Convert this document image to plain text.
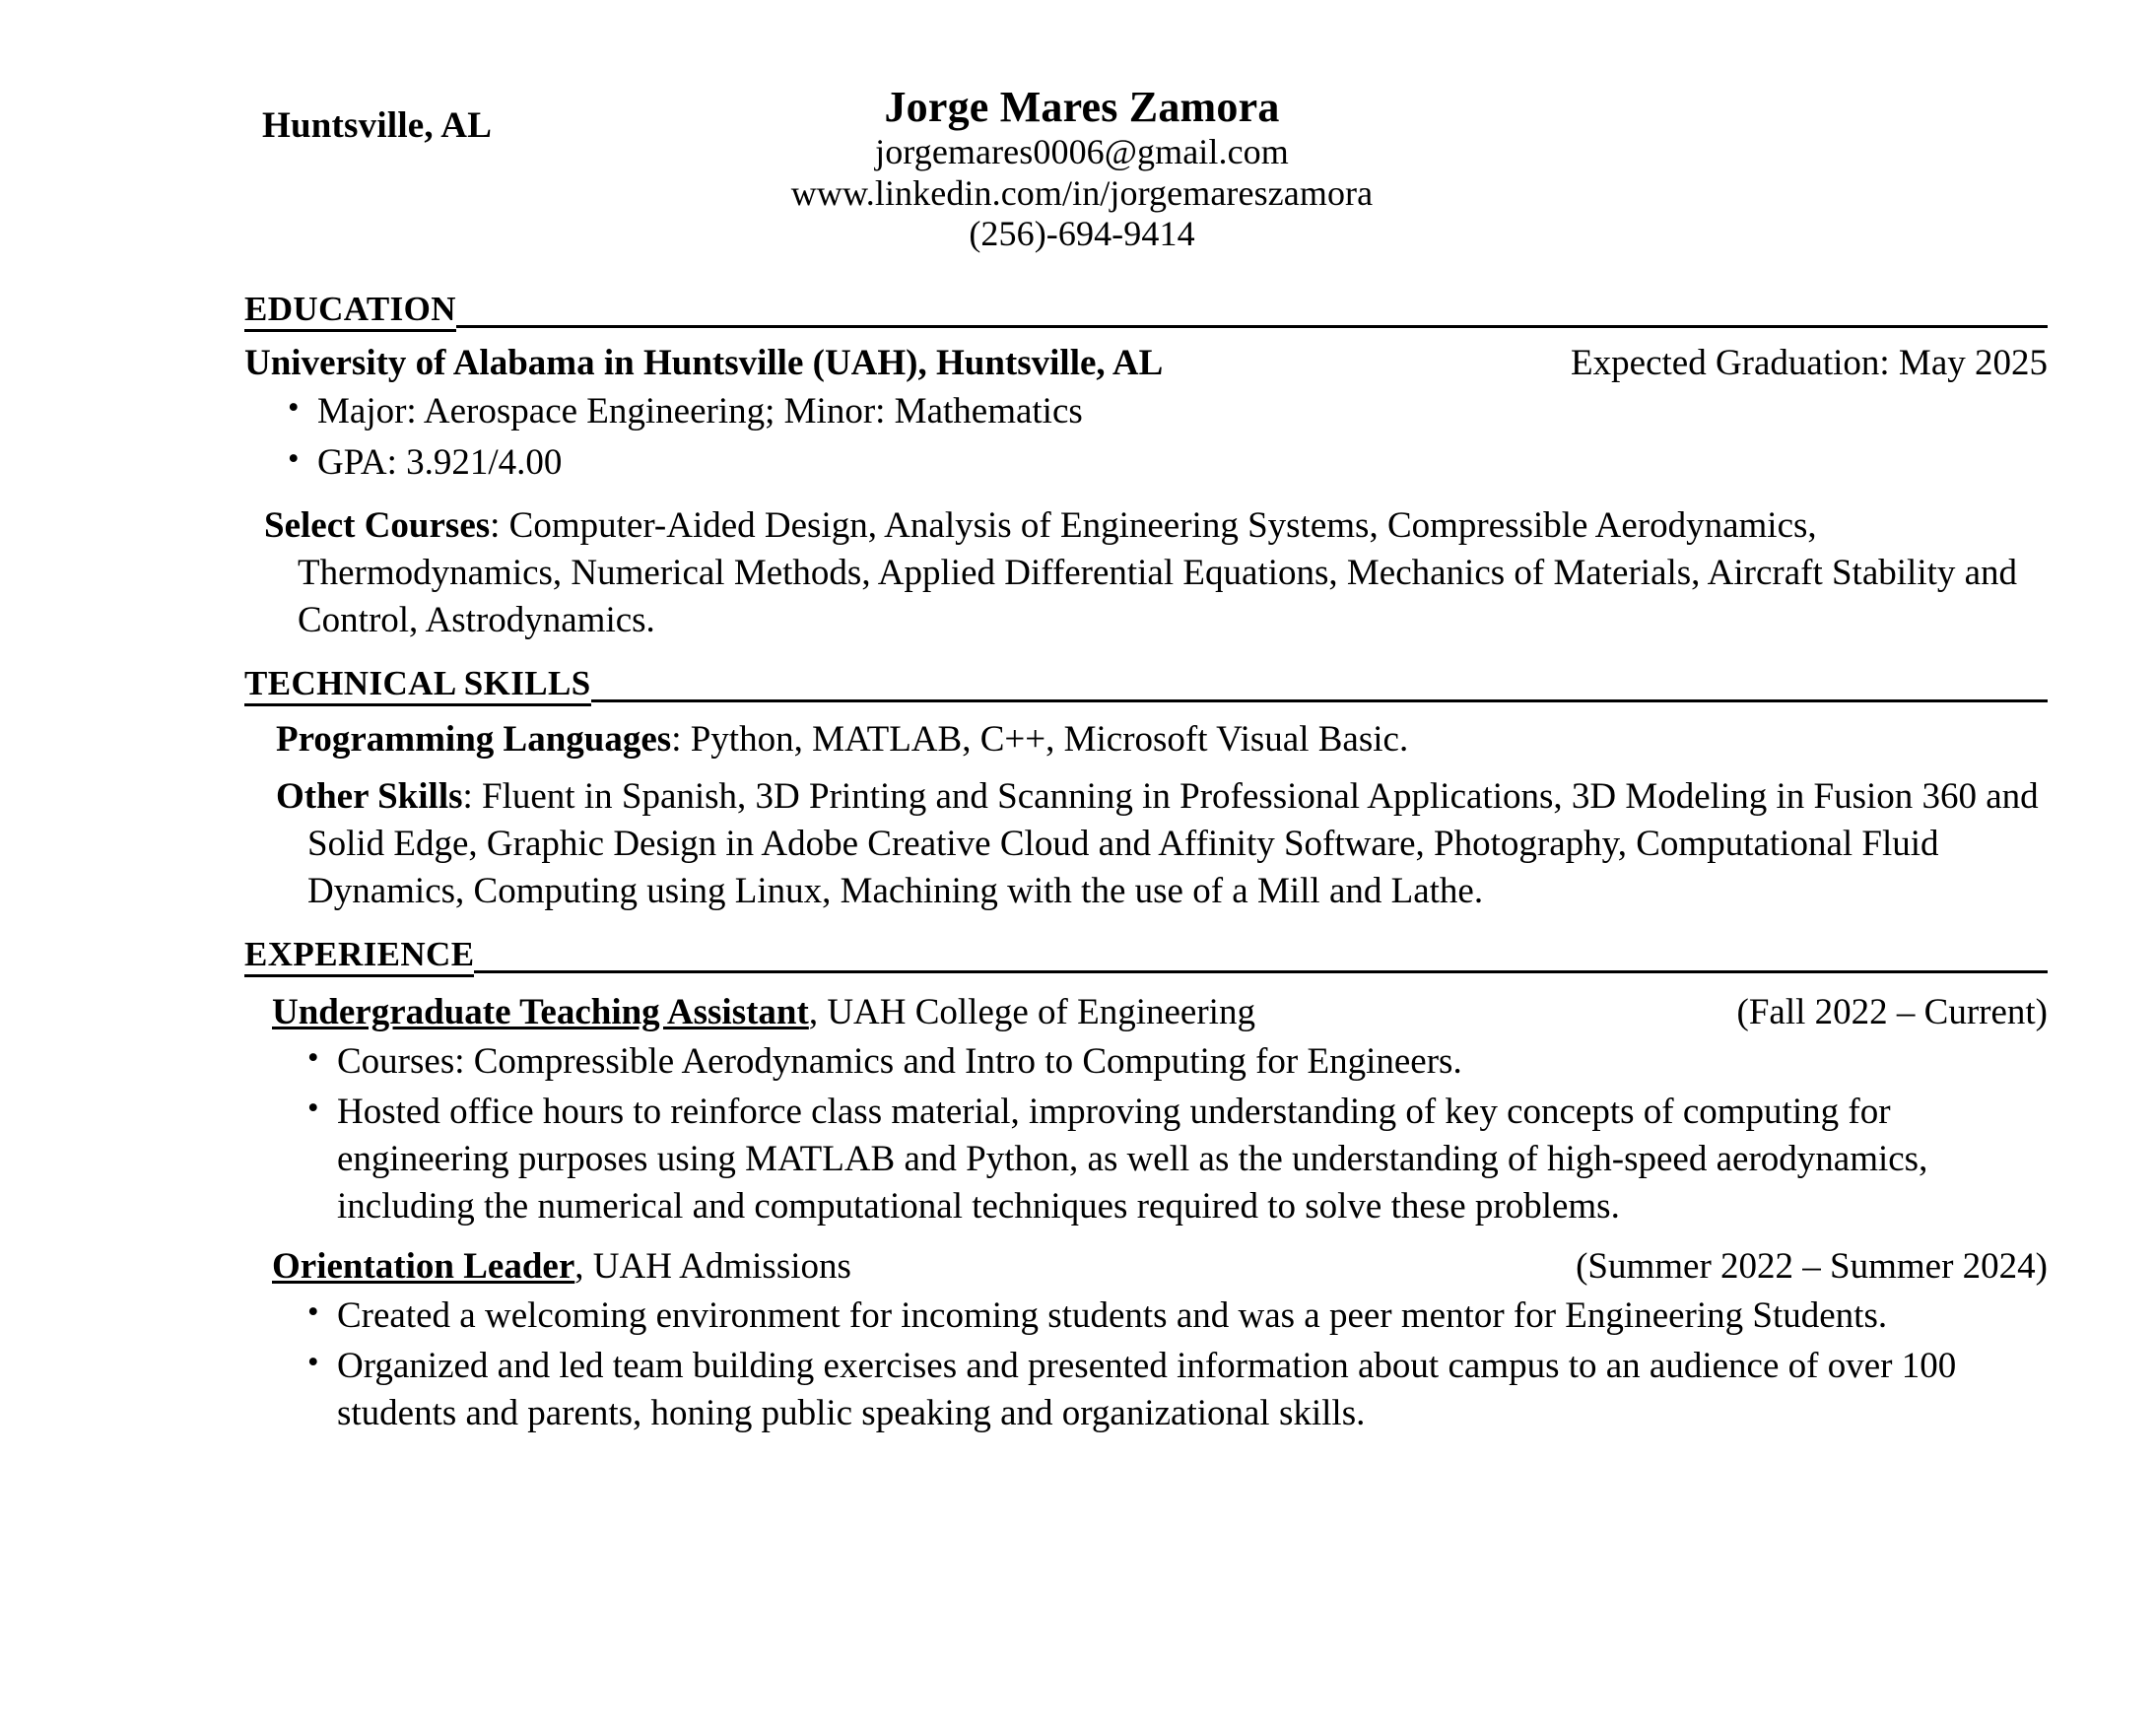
Huntsville, AL	Jorge Mares Zamora
jorgemares0006@gmail.com
www.linkedin.com/in/jorgemareszamora
(256)-694-9414
EDUCATION
University of Alabama in Huntsville (UAH), Huntsville, AL	Expected Graduation: May 2025
• Major: Aerospace Engineering; Minor: Mathematics
• GPA: 3.921/4.00
Select Courses: Computer-Aided Design, Analysis of Engineering Systems, Compressible Aerodynamics, Thermodynamics, Numerical Methods, Applied Differential Equations, Mechanics of Materials, Aircraft Stability and Control, Astrodynamics.
TECHNICAL SKILLS
Programming Languages: Python, MATLAB, C++, Microsoft Visual Basic.
Other Skills: Fluent in Spanish, 3D Printing and Scanning in Professional Applications, 3D Modeling in Fusion 360 and Solid Edge, Graphic Design in Adobe Creative Cloud and Affinity Software, Photography, Computational Fluid Dynamics, Computing using Linux, Machining with the use of a Mill and Lathe.
EXPERIENCE
Undergraduate Teaching Assistant, UAH College of Engineering	(Fall 2022 – Current)
• Courses: Compressible Aerodynamics and Intro to Computing for Engineers.
• Hosted office hours to reinforce class material, improving understanding of key concepts of computing for engineering purposes using MATLAB and Python, as well as the understanding of high-speed aerodynamics, including the numerical and computational techniques required to solve these problems.
Orientation Leader, UAH Admissions	(Summer 2022 – Summer 2024)
• Created a welcoming environment for incoming students and was a peer mentor for Engineering Students.
• Organized and led team building exercises and presented information about campus to an audience of over 100 students and parents, honing public speaking and organizational skills.
